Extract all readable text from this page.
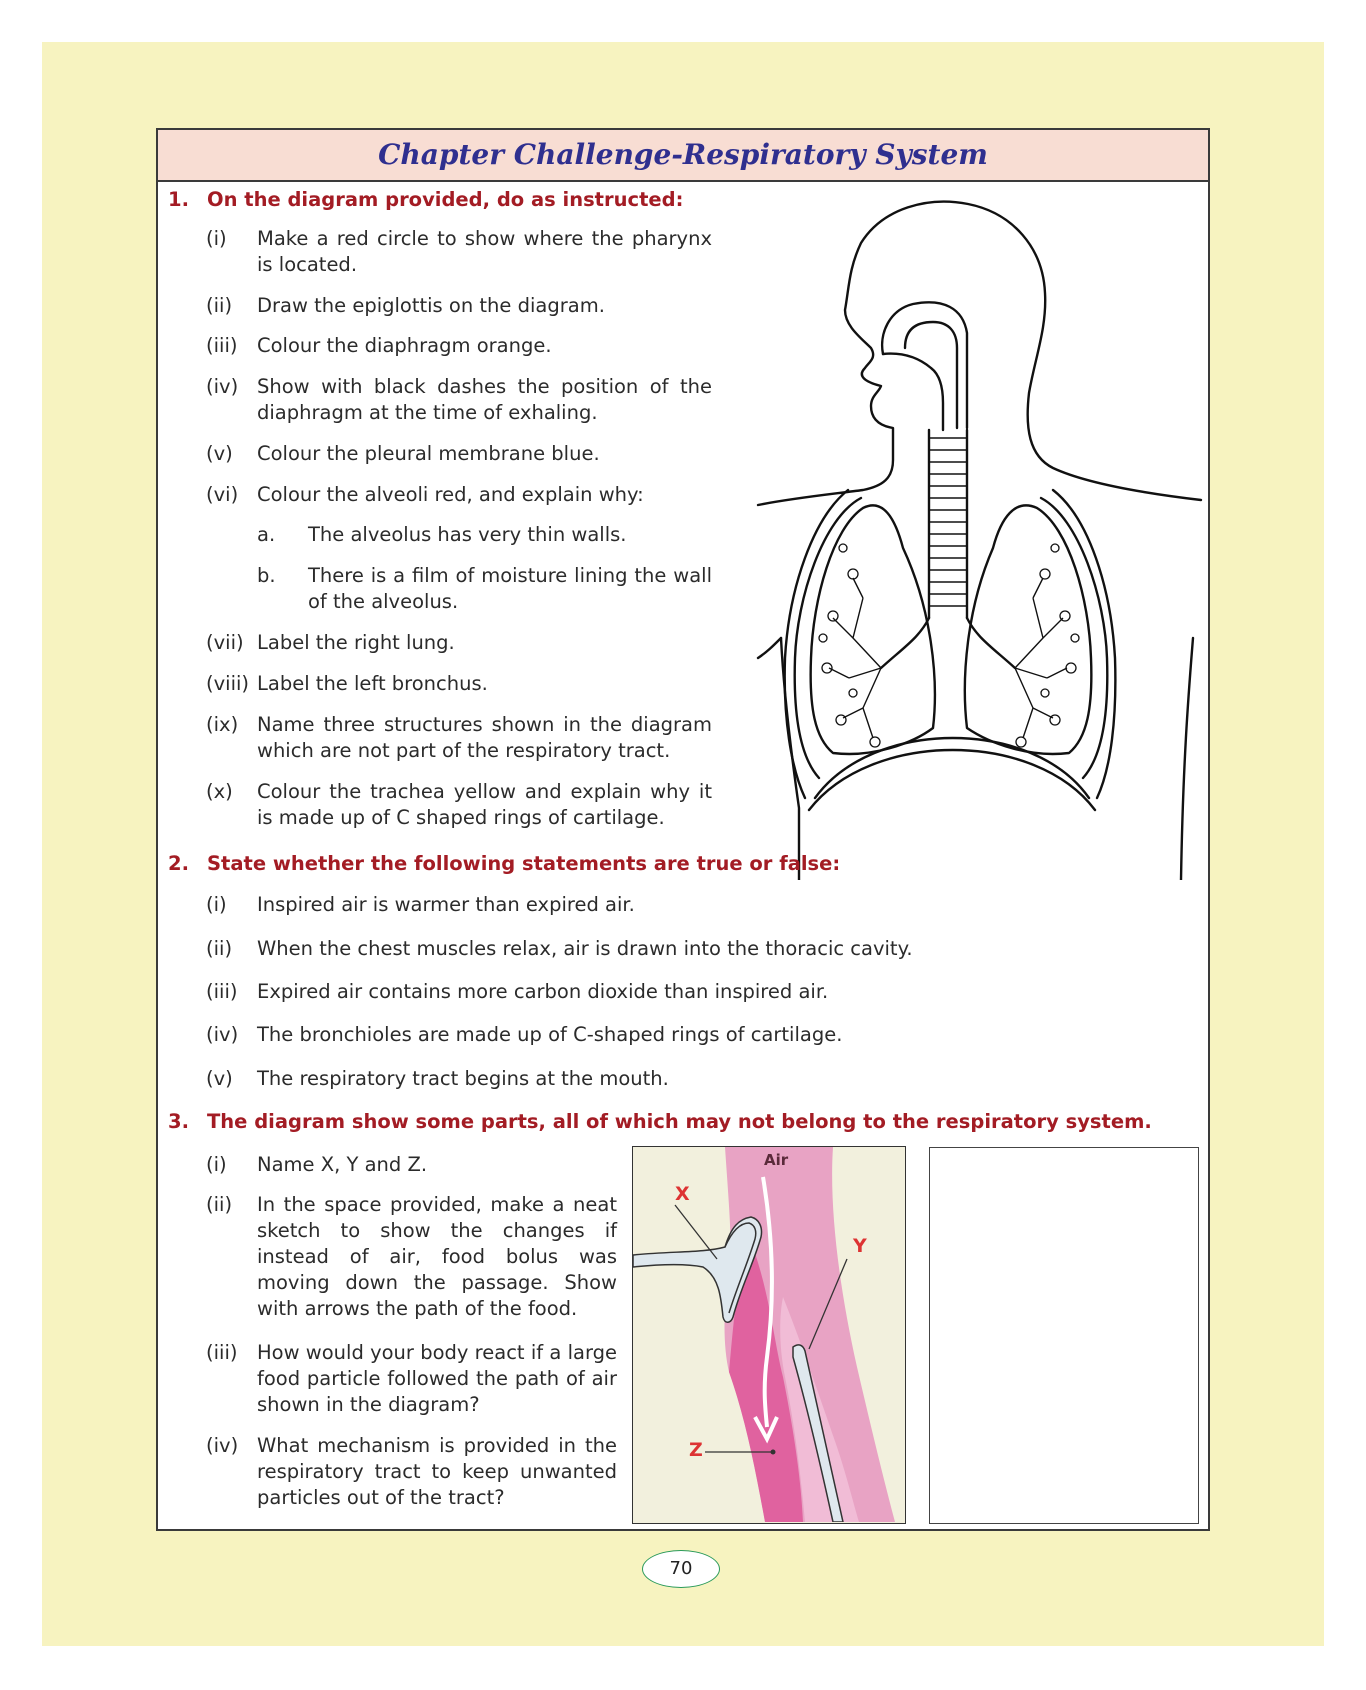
Chapter Challenge-Respiratory System
1. On the diagram provided, do as instructed:
(i) Make a red circle to show where the pharynx is located.
(ii) Draw the epiglottis on the diagram.
(iii) Colour the diaphragm orange.
(iv) Show with black dashes the position of the diaphragm at the time of exhaling.
(v) Colour the pleural membrane blue.
(vi) Colour the alveoli red, and explain why:
a. The alveolus has very thin walls.
b. There is a film of moisture lining the wall of the alveolus.
(vii) Label the right lung.
(viii) Label the left bronchus.
(ix) Name three structures shown in the diagram which are not part of the respiratory tract.
(x) Colour the trachea yellow and explain why it is made up of C shaped rings of cartilage.
2. State whether the following statements are true or false:
(i) Inspired air is warmer than expired air.
(ii) When the chest muscles relax, air is drawn into the thoracic cavity.
(iii) Expired air contains more carbon dioxide than inspired air.
(iv) The bronchioles are made up of C-shaped rings of cartilage.
(v) The respiratory tract begins at the mouth.
3. The diagram show some parts, all of which may not belong to the respiratory system.
(i) Name X, Y and Z.
(ii) In the space provided, make a neat sketch to show the changes if instead of air, food bolus was moving down the passage. Show with arrows the path of the food.
(iii) How would your body react if a large food particle followed the path of air shown in the diagram?
(iv) What mechanism is provided in the respiratory tract to keep unwanted particles out of the tract?
Air
X
Y
Z
70
